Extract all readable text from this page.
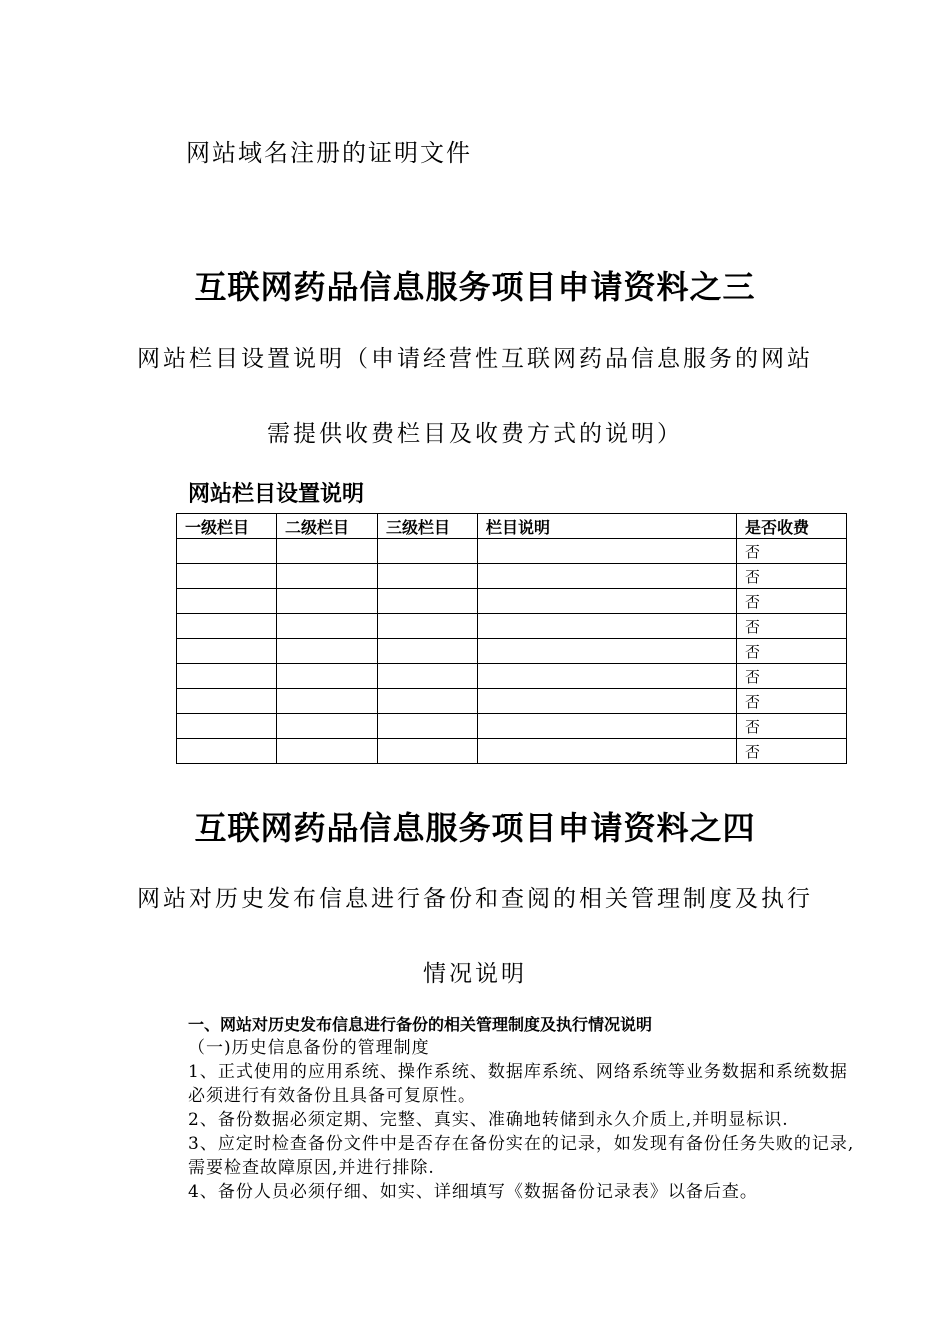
网站域名注册的证明文件
互联网药品信息服务项目申请资料之三
网站栏目设置说明（申请经营性互联网药品信息服务的网站
需提供收费栏目及收费方式的说明）
网站栏目设置说明
一级栏目	二级栏目	三级栏目	栏目说明	是否收费
				否
				否
				否
				否
				否
				否
				否
				否
				否
互联网药品信息服务项目申请资料之四
网站对历史发布信息进行备份和查阅的相关管理制度及执行
情况说明
一、网站对历史发布信息进行备份的相关管理制度及执行情况说明
（一)历史信息备份的管理制度
1、正式使用的应用系统、操作系统、数据库系统、网络系统等业务数据和系统数据必须进行有效备份且具备可复原性。
2、备份数据必须定期、完整、真实、准确地转储到永久介质上,并明显标识.
3、应定时检查备份文件中是否存在备份实在的记录，如发现有备份任务失败的记录,需要检查故障原因,并进行排除.
4、备份人员必须仔细、如实、详细填写《数据备份记录表》以备后查。
